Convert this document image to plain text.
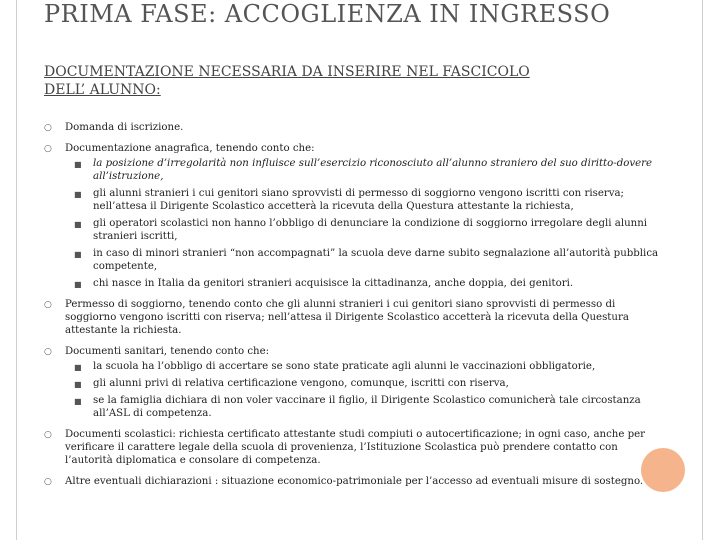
PRIMA FASE: ACCOGLIENZA IN INGRESSO
DOCUMENTAZIONE NECESSARIA DA INSERIRE NEL FASCICOLO DELL’ ALUNNO:
○ Domanda di iscrizione.
○ Documentazione anagrafica, tenendo conto che:
■ la posizione d’irregolarità non influisce sull’esercizio riconosciuto all’alunno straniero del suo diritto-dovere all’istruzione,
■ gli alunni stranieri i cui genitori siano sprovvisti di permesso di soggiorno vengono iscritti con riserva; nell’attesa il Dirigente Scolastico accetterà la ricevuta della Questura attestante la richiesta,
■ gli operatori scolastici non hanno l’obbligo di denunciare la condizione di soggiorno irregolare degli alunni stranieri iscritti,
■ in caso di minori stranieri “non accompagnati” la scuola deve darne subito segnalazione all’autorità pubblica competente,
■ chi nasce in Italia da genitori stranieri acquisisce la cittadinanza, anche doppia, dei genitori.
○ Permesso di soggiorno, tenendo conto che gli alunni stranieri i cui genitori siano sprovvisti di permesso di soggiorno vengono iscritti con riserva; nell’attesa il Dirigente Scolastico accetterà la ricevuta della Questura attestante la richiesta.
○ Documenti sanitari, tenendo conto che:
■ la scuola ha l’obbligo di accertare se sono state praticate agli alunni le vaccinazioni obbligatorie,
■ gli alunni privi di relativa certificazione vengono, comunque, iscritti con riserva,
■ se la famiglia dichiara di non voler vaccinare il figlio, il Dirigente Scolastico comunicherà tale circostanza all’ASL di competenza.
○ Documenti scolastici: richiesta certificato attestante studi compiuti o autocertificazione; in ogni caso, anche per verificare il carattere legale della scuola di provenienza, l’Istituzione Scolastica può prendere contatto con l’autorità diplomatica e consolare di competenza.
○ Altre eventuali dichiarazioni : situazione economico-patrimoniale per l’accesso ad eventuali misure di sostegno.
